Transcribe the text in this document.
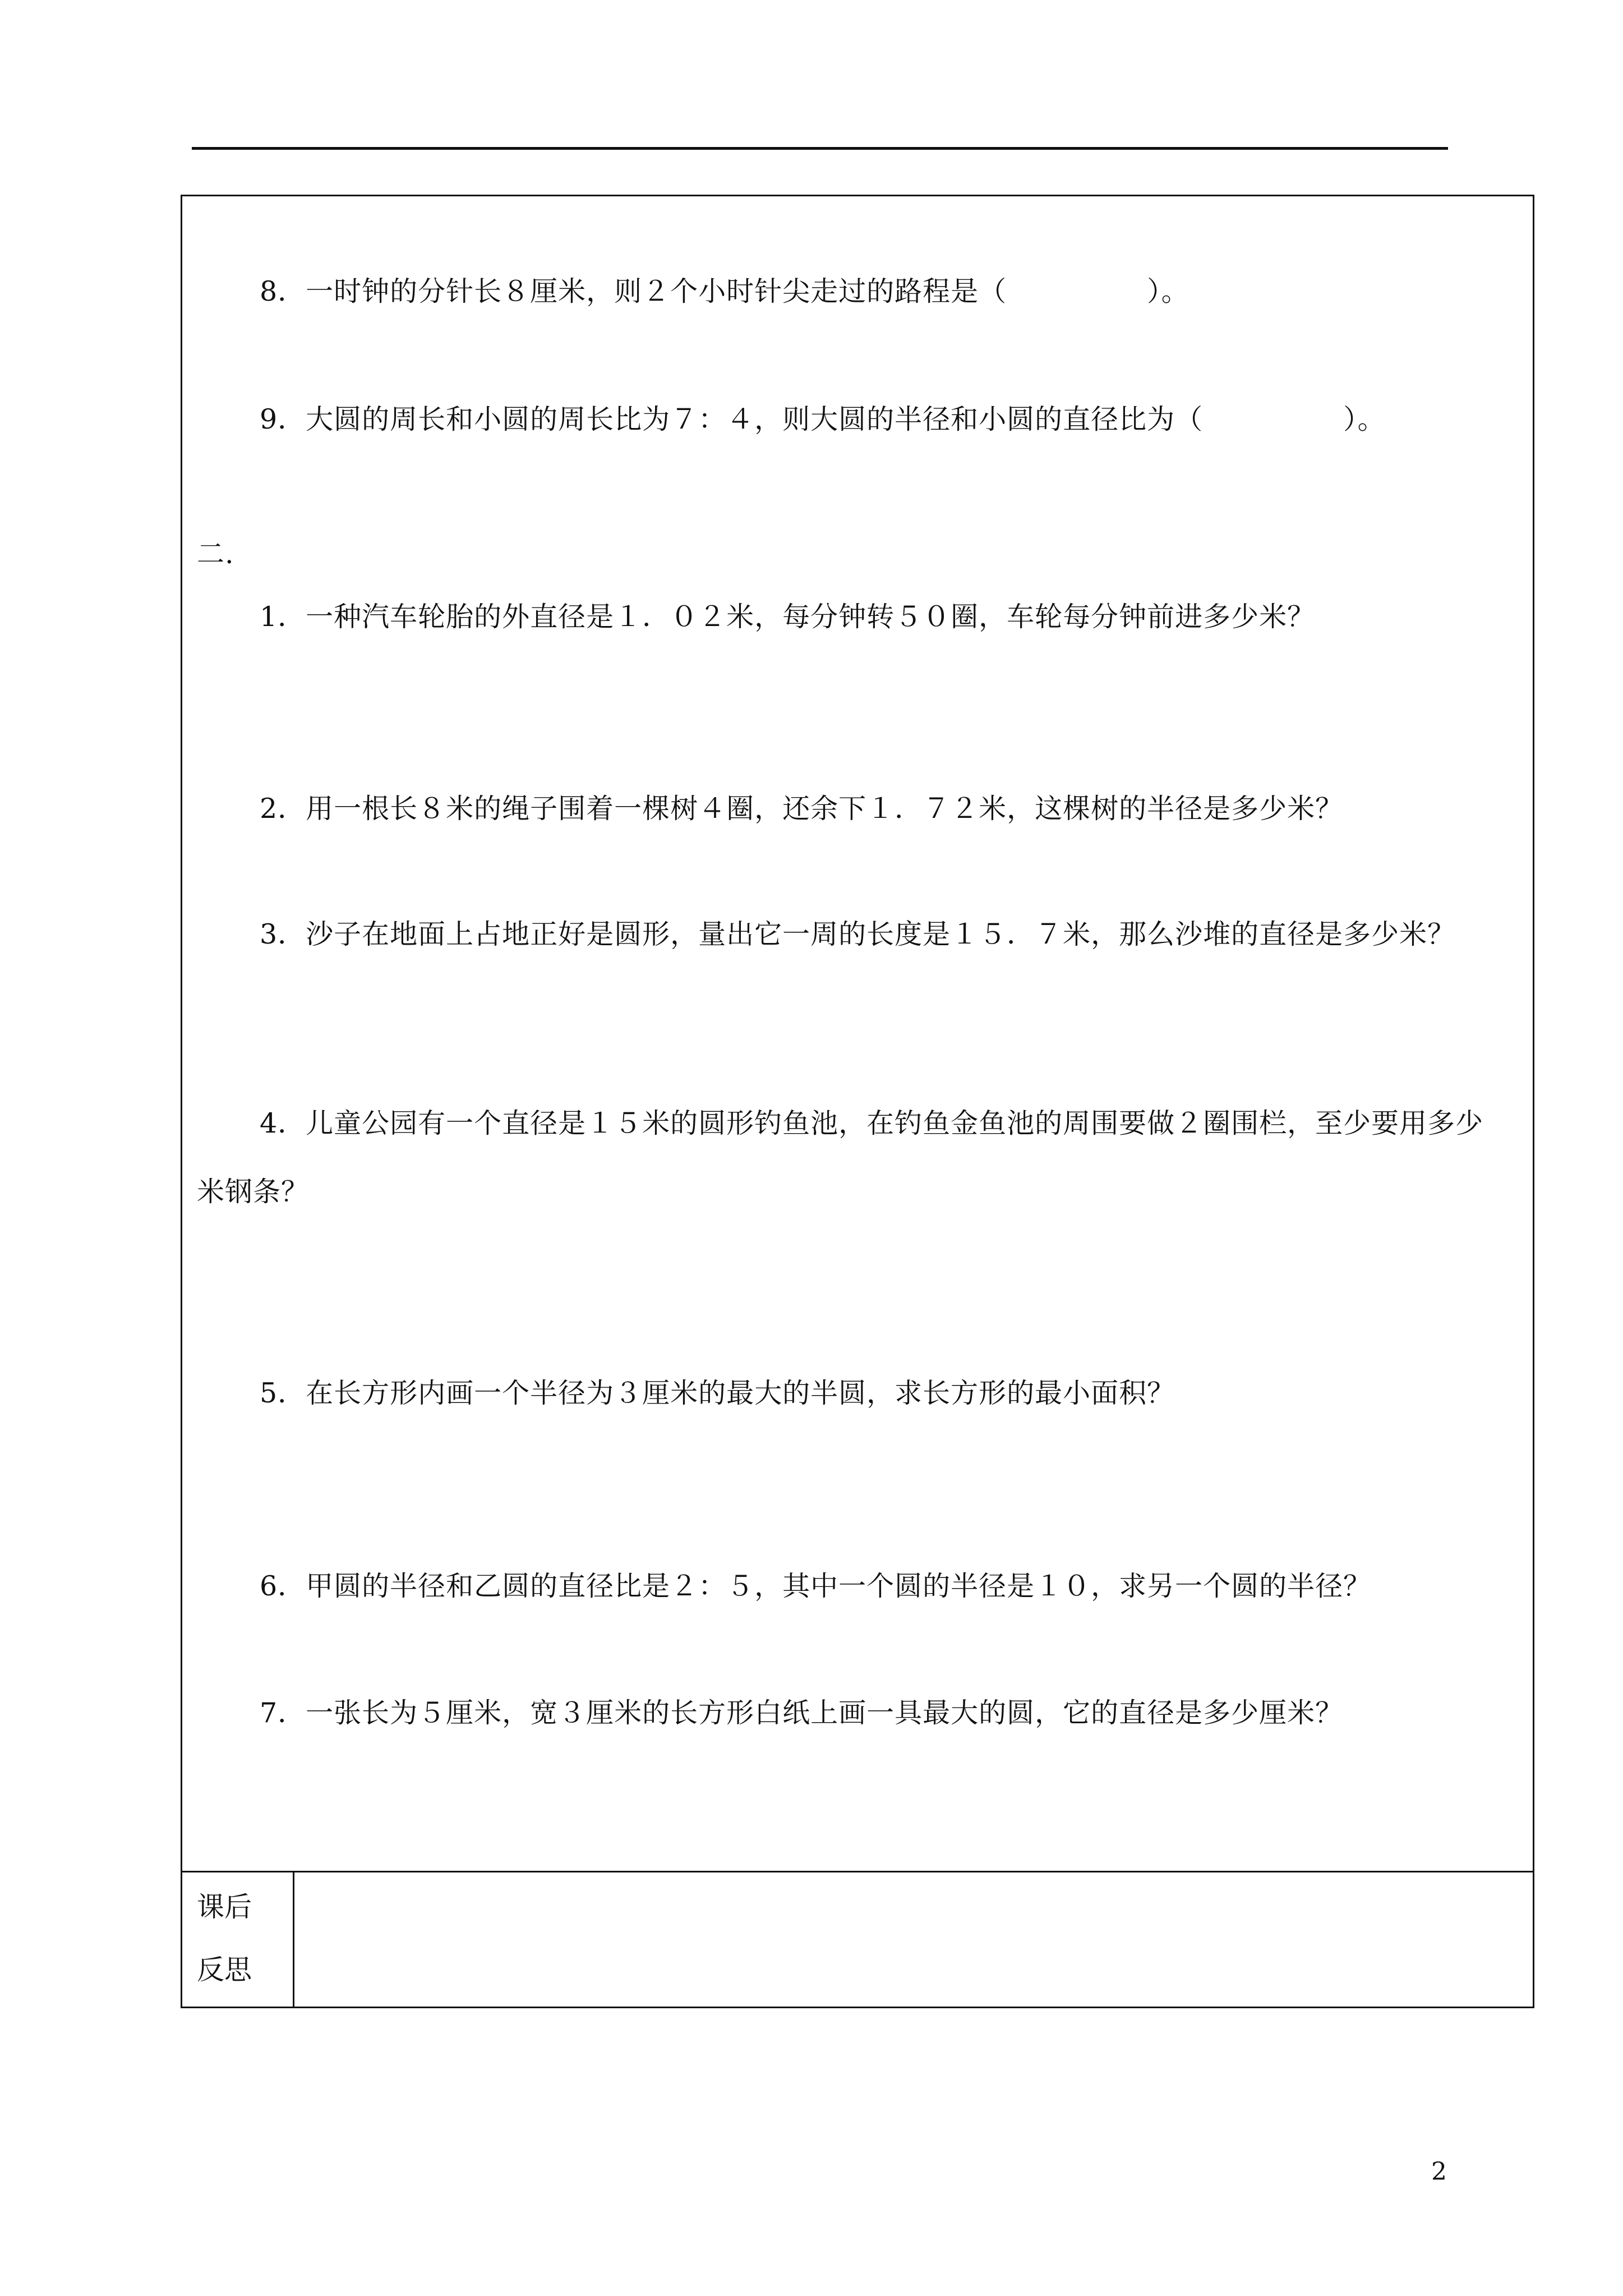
8．一时钟的分针长８厘米，则２个小时针尖走过的路程是（　　　　　）。

9．大圆的周长和小圆的周长比为７：４，则大圆的半径和小圆的直径比为（　　　　　）。

二.

1．一种汽车轮胎的外直径是１．０２米，每分钟转５０圈，车轮每分钟前进多少米？

2．用一根长８米的绳子围着一棵树４圈，还余下１．７２米，这棵树的半径是多少米？

3．沙子在地面上占地正好是圆形，量出它一周的长度是１５．７米，那么沙堆的直径是多少米？

4．儿童公园有一个直径是１５米的圆形钓鱼池，在钓鱼金鱼池的周围要做２圈围栏，至少要用多少

米钢条？

5．在长方形内画一个半径为３厘米的最大的半圆，求长方形的最小面积？

6．甲圆的半径和乙圆的直径比是２：５，其中一个圆的半径是１０，求另一个圆的半径？

7．一张长为５厘米，宽３厘米的长方形白纸上画一具最大的圆，它的直径是多少厘米？

课后

反思

2
